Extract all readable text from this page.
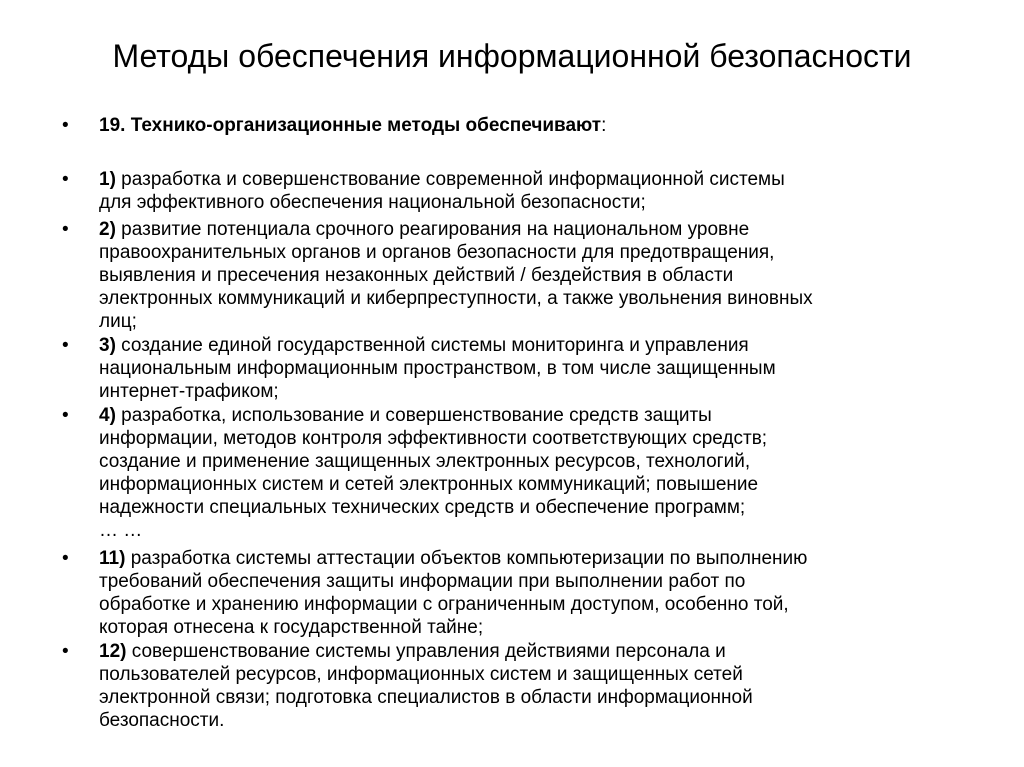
Методы обеспечения информационной безопасности
• 19. Технико-организационные методы обеспечивают:
• 1) разработка и совершенствование современной информационной системы
для эффективного обеспечения национальной безопасности;
• 2) развитие потенциала срочного реагирования на национальном уровне
правоохранительных органов и органов безопасности для предотвращения,
выявления и пресечения незаконных действий / бездействия в области
электронных коммуникаций и киберпреступности, а также увольнения виновных
лиц;
• 3) создание единой государственной системы мониторинга и управления
национальным информационным пространством, в том числе защищенным
интернет-трафиком;
• 4) разработка, использование и совершенствование средств защиты
информации, методов контроля эффективности соответствующих средств;
создание и применение защищенных электронных ресурсов, технологий,
информационных систем и сетей электронных коммуникаций; повышение
надежности специальных технических средств и обеспечение программ;
… …
• 11) разработка системы аттестации объектов компьютеризации по выполнению
требований обеспечения защиты информации при выполнении работ по
обработке и хранению информации с ограниченным доступом, особенно той,
которая отнесена к государственной тайне;
• 12) совершенствование системы управления действиями персонала и
пользователей ресурсов, информационных систем и защищенных сетей
электронной связи; подготовка специалистов в области информационной
безопасности.
